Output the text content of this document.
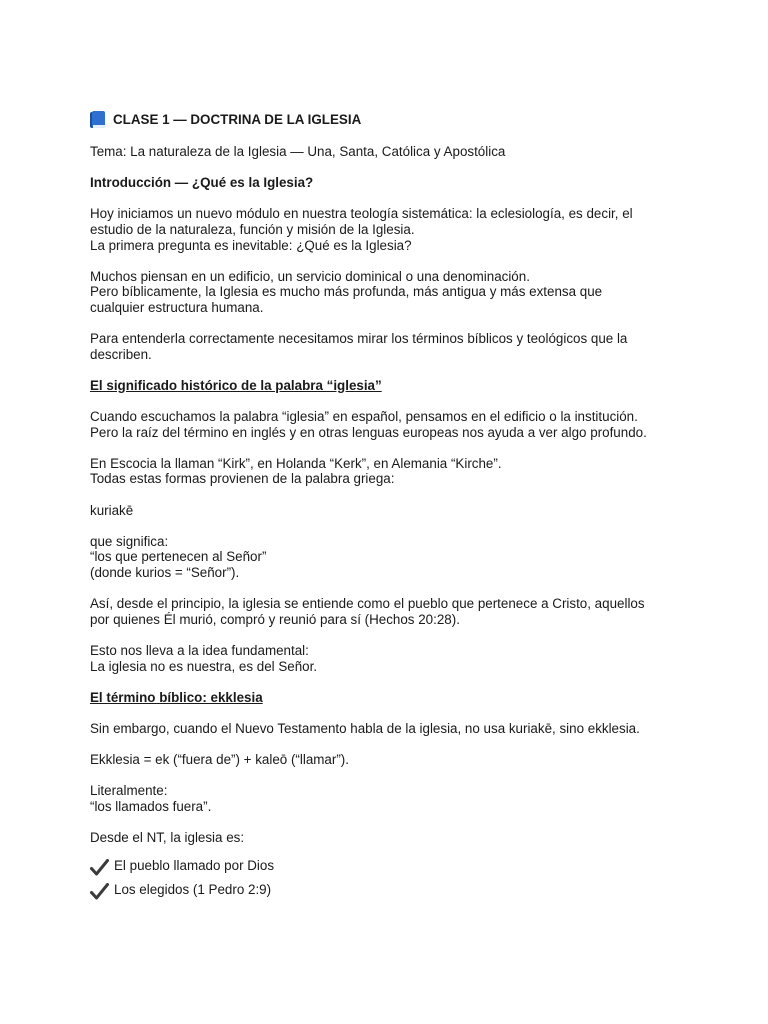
CLASE 1 — DOCTRINA DE LA IGLESIA

Tema: La naturaleza de la Iglesia — Una, Santa, Católica y Apostólica

Introducción — ¿Qué es la Iglesia?

Hoy iniciamos un nuevo módulo en nuestra teología sistemática: la eclesiología, es decir, el
estudio de la naturaleza, función y misión de la Iglesia.
La primera pregunta es inevitable: ¿Qué es la Iglesia?

Muchos piensan en un edificio, un servicio dominical o una denominación.
Pero bíblicamente, la Iglesia es mucho más profunda, más antigua y más extensa que
cualquier estructura humana.

Para entenderla correctamente necesitamos mirar los términos bíblicos y teológicos que la
describen.

El significado histórico de la palabra “iglesia”

Cuando escuchamos la palabra “iglesia” en español, pensamos en el edificio o la institución.
Pero la raíz del término en inglés y en otras lenguas europeas nos ayuda a ver algo profundo.

En Escocia la llaman “Kirk”, en Holanda “Kerk”, en Alemania “Kirche”.
Todas estas formas provienen de la palabra griega:

kuriakē

que significa:
“los que pertenecen al Señor”
(donde kurios = “Señor”).

Así, desde el principio, la iglesia se entiende como el pueblo que pertenece a Cristo, aquellos
por quienes Él murió, compró y reunió para sí (Hechos 20:28).

Esto nos lleva a la idea fundamental:
La iglesia no es nuestra, es del Señor.

El término bíblico: ekklesia

Sin embargo, cuando el Nuevo Testamento habla de la iglesia, no usa kuriakē, sino ekklesia.

Ekklesia = ek (“fuera de”) + kaleō (“llamar”).

Literalmente:
“los llamados fuera”.

Desde el NT, la iglesia es:

El pueblo llamado por Dios
Los elegidos (1 Pedro 2:9)
